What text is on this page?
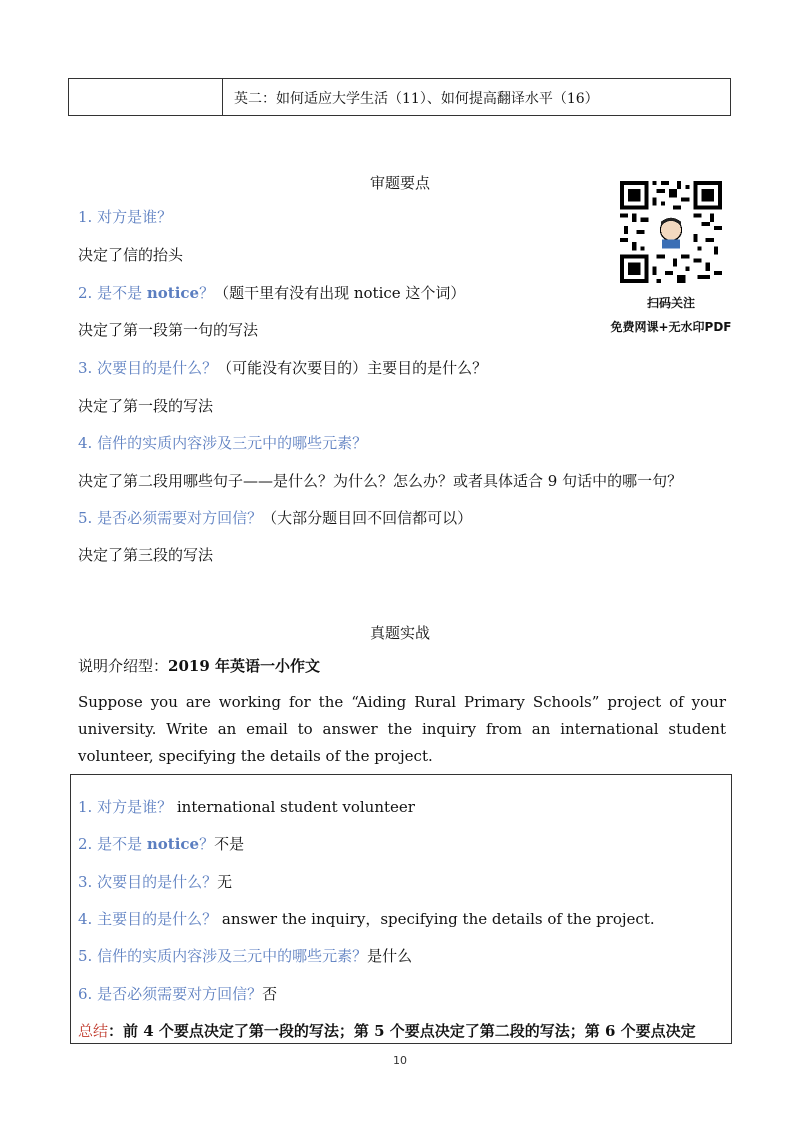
英二：如何适应大学生活（11）、如何提高翻译水平（16）
审题要点
1. 对方是谁？
决定了信的抬头
2. 是不是 notice？（题干里有没有出现 notice 这个词）
决定了第一段第一句的写法
3. 次要目的是什么？（可能没有次要目的）主要目的是什么？
决定了第一段的写法
4. 信件的实质内容涉及三元中的哪些元素？
决定了第二段用哪些句子——是什么？为什么？怎么办？或者具体适合 9 句话中的哪一句？
5. 是否必须需要对方回信？（大部分题目回不回信都可以）
决定了第三段的写法
扫码关注
免费网课+无水印PDF
真题实战
说明介绍型：2019 年英语一小作文
Suppose you are working for the “Aiding Rural Primary Schools” project of your university. Write an email to answer the inquiry from an international student volunteer, specifying the details of the project.
1. 对方是谁？ international student volunteer
2. 是不是 notice？不是
3. 次要目的是什么？无
4. 主要目的是什么？ answer the inquiry，specifying the details of the project.
5. 信件的实质内容涉及三元中的哪些元素？是什么
6. 是否必须需要对方回信？否
总结：前 4 个要点决定了第一段的写法；第 5 个要点决定了第二段的写法；第 6 个要点决定
10
